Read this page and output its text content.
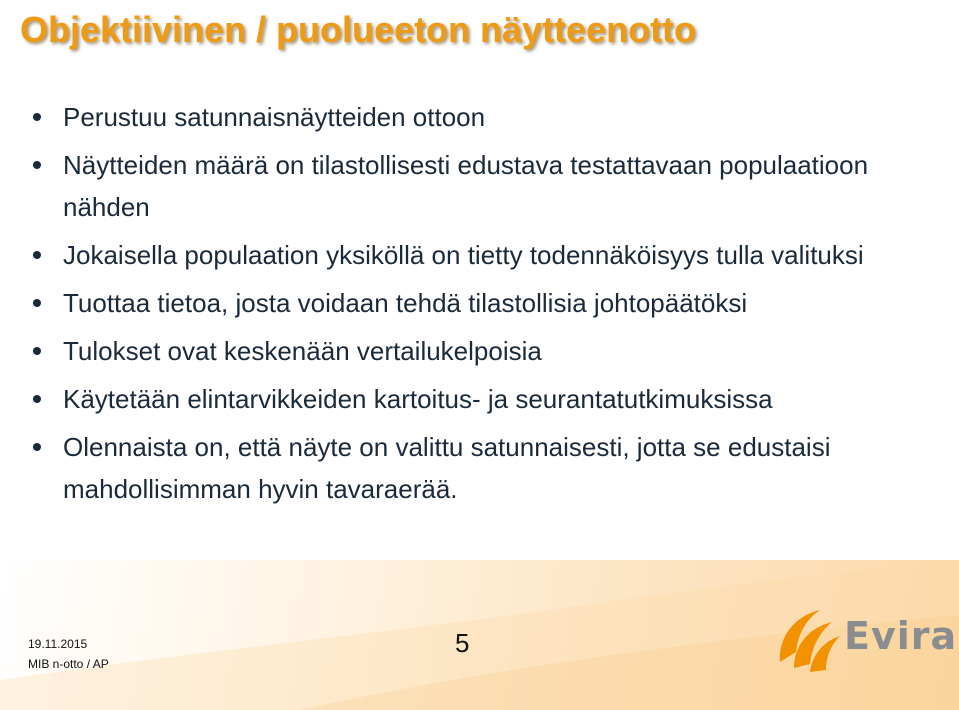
Objektiivinen / puolueeton näytteenotto
Perustuu satunnaisnäytteiden ottoon
Näytteiden määrä on tilastollisesti edustava testattavaan populaatioon nähden
Jokaisella populaation yksiköllä on tietty todennäköisyys tulla valituksi
Tuottaa tietoa, josta voidaan tehdä tilastollisia johtopäätöksi
Tulokset ovat keskenään vertailukelpoisia
Käytetään elintarvikkeiden kartoitus- ja seurantatutkimuksissa
Olennaista on, että näyte on valittu satunnaisesti, jotta se edustaisi mahdollisimman hyvin tavaraerää.
19.11.2015
MIB n-otto / AP
5	Evira
